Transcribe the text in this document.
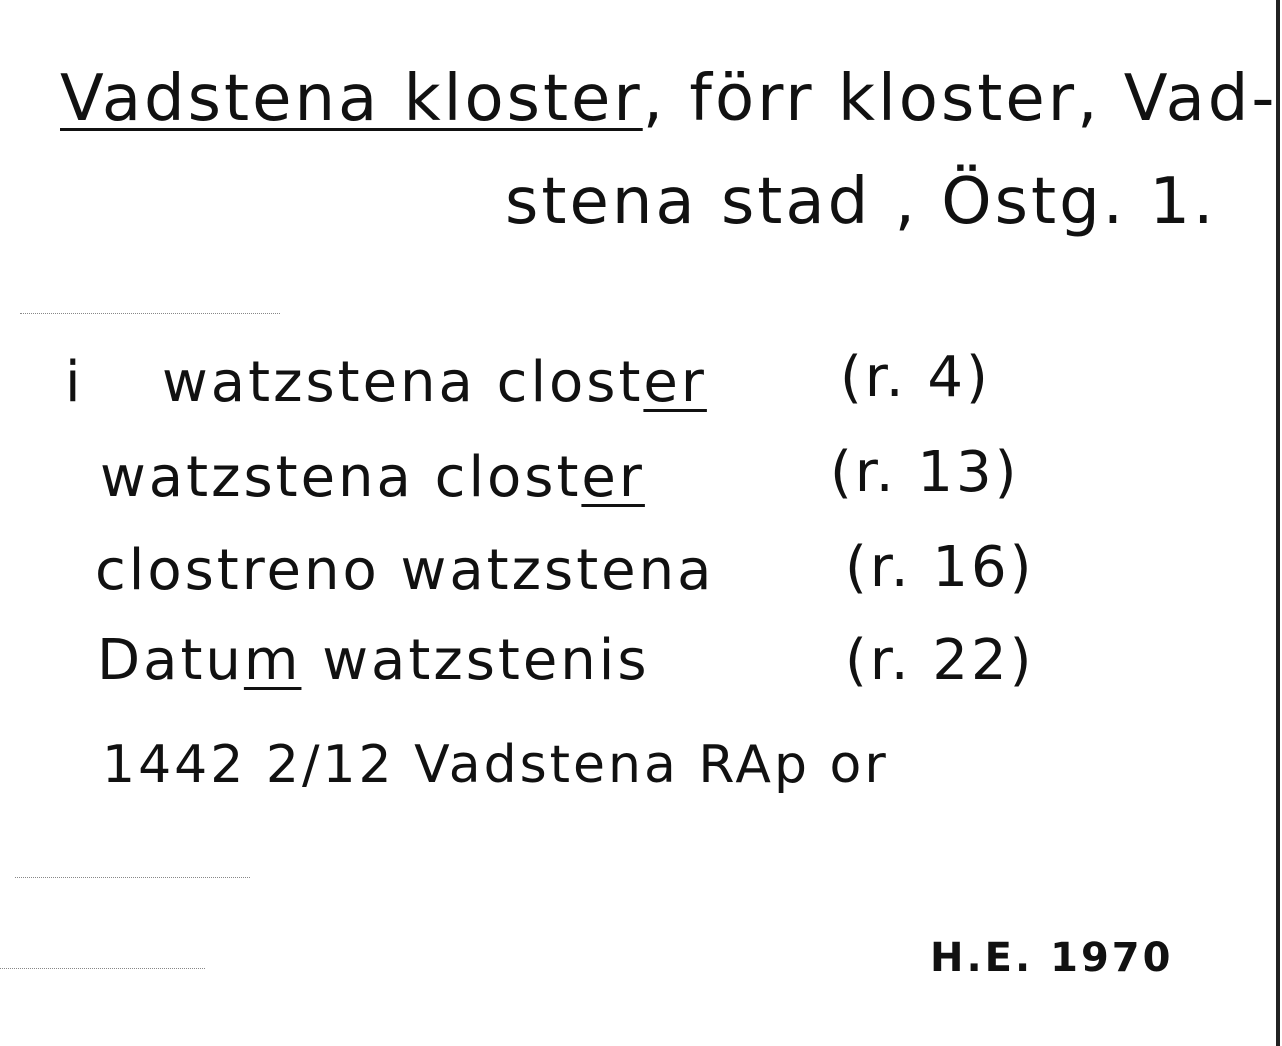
Vadstena kloster, förr kloster, Vad-
stena stad , Östg. 1.
i watzstena closter (r. 4)
watzstena closter	(r. 13)
clostreno watzstena (r. 16)
Datum watzstenis	(r. 22)
1442 2/12 Vadstena RAp or
H.E. 1970
